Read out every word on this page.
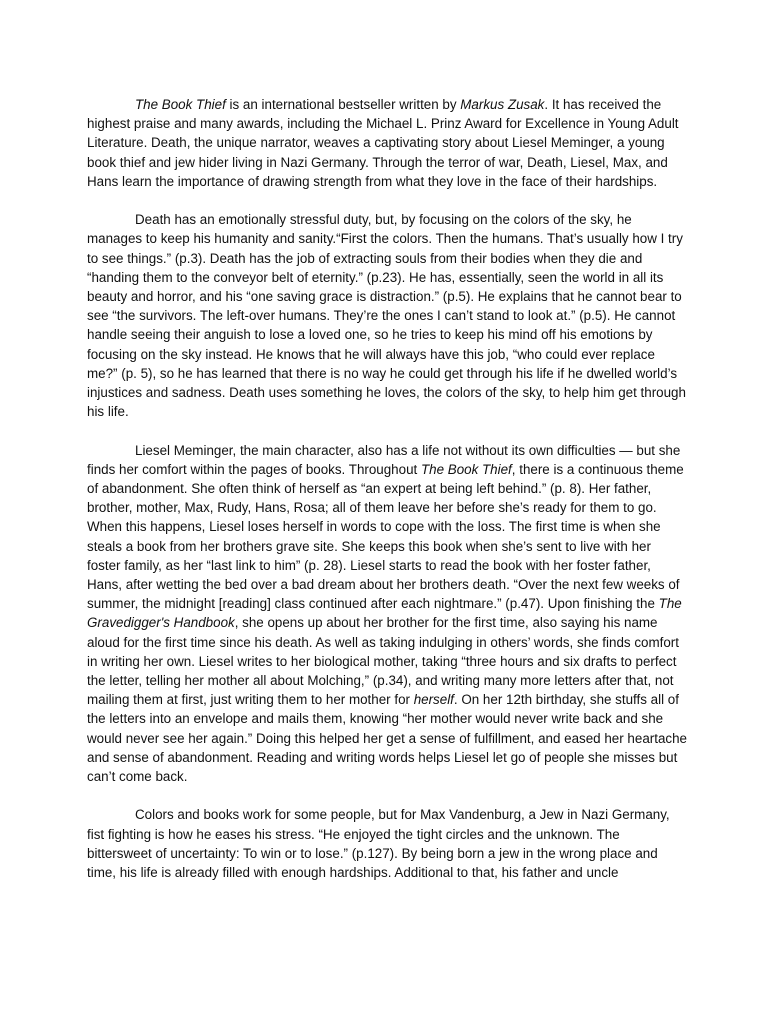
The Book Thief is an international bestseller written by Markus Zusak. It has received the highest praise and many awards, including the Michael L. Prinz Award for Excellence in Young Adult Literature. Death, the unique narrator, weaves a captivating story about Liesel Meminger, a young book thief and jew hider living in Nazi Germany. Through the terror of war, Death, Liesel, Max, and Hans learn the importance of drawing strength from what they love in the face of their hardships.

Death has an emotionally stressful duty, but, by focusing on the colors of the sky, he manages to keep his humanity and sanity.“First the colors. Then the humans. That’s usually how I try to see things.” (p.3). Death has the job of extracting souls from their bodies when they die and “handing them to the conveyor belt of eternity.” (p.23). He has, essentially, seen the world in all its beauty and horror, and his “one saving grace is distraction.” (p.5). He explains that he cannot bear to see “the survivors. The left-over humans. They’re the ones I can’t stand to look at.” (p.5). He cannot handle seeing their anguish to lose a loved one, so he tries to keep his mind off his emotions by focusing on the sky instead. He knows that he will always have this job, “who could ever replace me?” (p. 5), so he has learned that there is no way he could get through his life if he dwelled world’s injustices and sadness. Death uses something he loves, the colors of the sky, to help him get through his life.

Liesel Meminger, the main character, also has a life not without its own difficulties — but she finds her comfort within the pages of books. Throughout The Book Thief, there is a continuous theme of abandonment. She often think of herself as “an expert at being left behind.” (p. 8). Her father, brother, mother, Max, Rudy, Hans, Rosa; all of them leave her before she’s ready for them to go. When this happens, Liesel loses herself in words to cope with the loss. The first time is when she steals a book from her brothers grave site. She keeps this book when she’s sent to live with her foster family, as her “last link to him” (p. 28). Liesel starts to read the book with her foster father, Hans, after wetting the bed over a bad dream about her brothers death. “Over the next few weeks of summer, the midnight [reading] class continued after each nightmare.” (p.47). Upon finishing the The Gravedigger's Handbook, she opens up about her brother for the first time, also saying his name aloud for the first time since his death. As well as taking indulging in others’ words, she finds comfort in writing her own. Liesel writes to her biological mother, taking “three hours and six drafts to perfect the letter, telling her mother all about Molching,” (p.34), and writing many more letters after that, not mailing them at first, just writing them to her mother for herself. On her 12th birthday, she stuffs all of the letters into an envelope and mails them, knowing “her mother would never write back and she would never see her again.” Doing this helped her get a sense of fulfillment, and eased her heartache and sense of abandonment. Reading and writing words helps Liesel let go of people she misses but can’t come back.

Colors and books work for some people, but for Max Vandenburg, a Jew in Nazi Germany, fist fighting is how he eases his stress. “He enjoyed the tight circles and the unknown. The bittersweet of uncertainty: To win or to lose.” (p.127). By being born a jew in the wrong place and time, his life is already filled with enough hardships. Additional to that, his father and uncle
